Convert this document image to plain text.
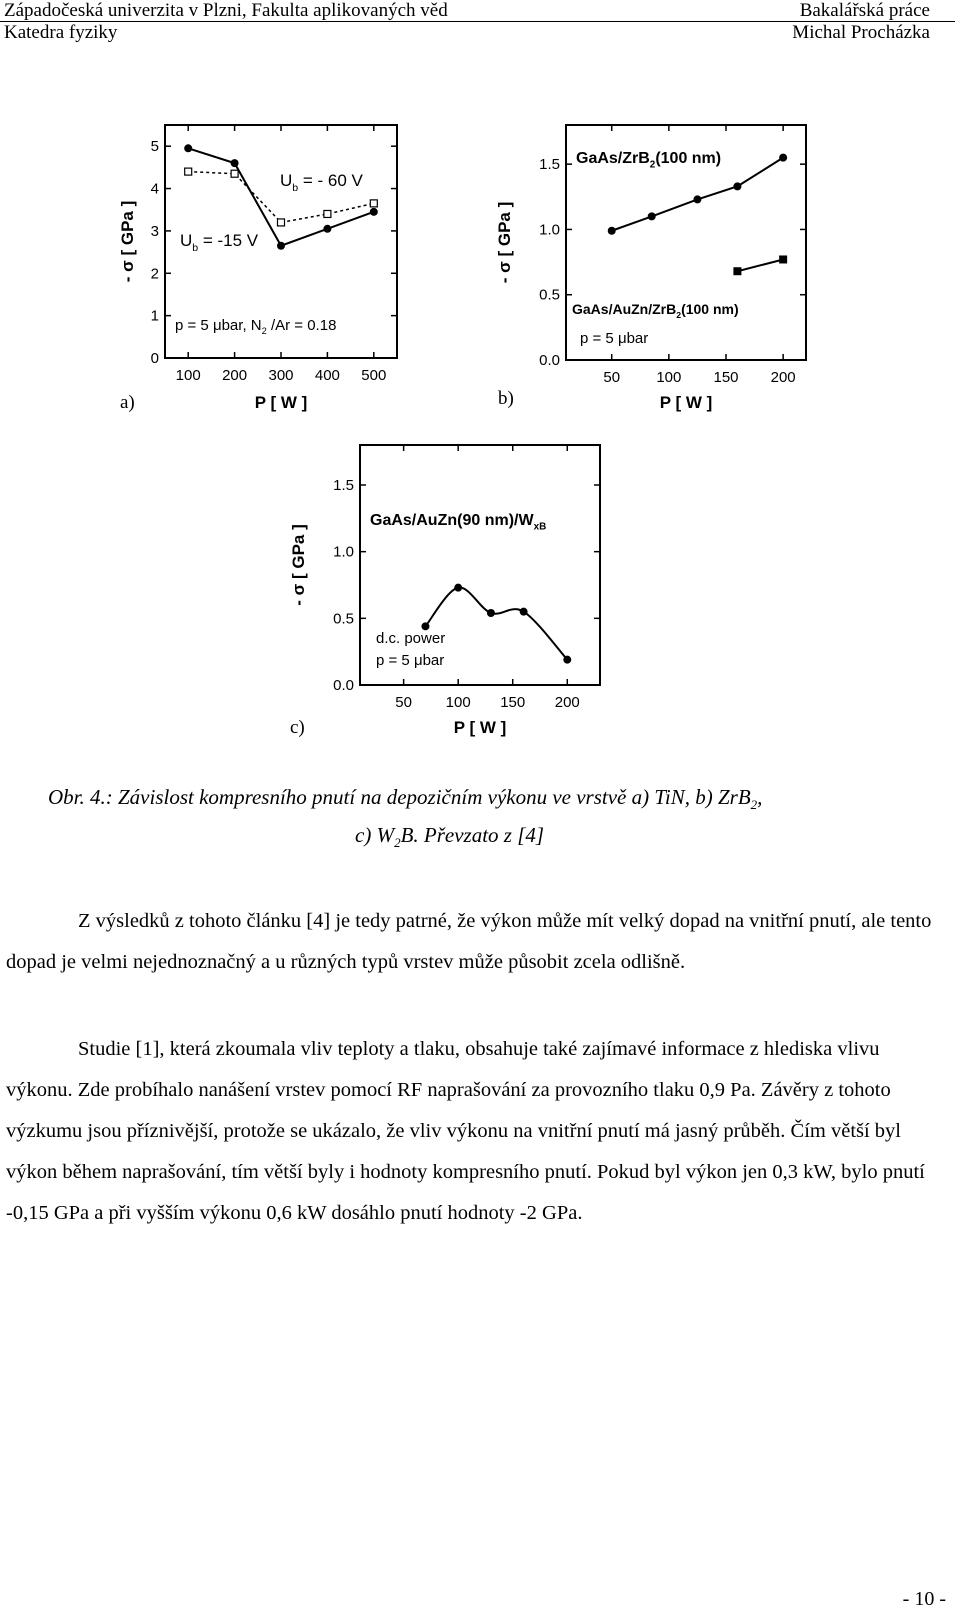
Západočeská univerzita v Plzni, Fakulta aplikovaných věd
Katedra fyziky
Bakalářská práce
Michal Procházka
100 200 300 400 500
0
1
2
3
4
5
P [ W ]
- σ [ GPa ]
$U_b$ = - 60 V
$U_b = -15$ V
p = 5 μbar, $N_2$ /Ar = 0.18
50 100 150 200
0.0
0.5
1.0
1.5
P [ W ]
- σ [ GPa ]
GaAs/ZrB$_2$(100 nm)
GaAs/AuZn/ZrB$_2$(100 nm)
p = 5 μbar
50 100 150 200
0.0
0.5
1.0
1.5
P [ W ]
- σ [ GPa ]
GaAs/AuZn(90 $nm)/W_{xB}$
d.c. power
p = 5 μbar
a)	b)
c)
Obr. 4.: Závislost kompresního pnutí na depozičním výkonu ve vrstvě a) TiN, b) ZrB$_2$,
c) $W_2B$. Převzato z [4]
Z výsledků z tohoto článku [4] je tedy patrné, že výkon může mít velký dopad na vnitřní pnutí, ale tento dopad je velmi nejednoznačný a u různých typů vrstev může působit zcela odlišně.
Studie [1], která zkoumala vliv teploty a tlaku, obsahuje také zajímavé informace z hlediska vlivu výkonu. Zde probíhalo nanášení vrstev pomocí RF naprašování za provozního tlaku 0,9 Pa. Závěry z tohoto výzkumu jsou příznivější, protože se ukázalo, že vliv výkonu na vnitřní pnutí má jasný průběh. Čím větší byl výkon během naprašování, tím větší byly i hodnoty kompresního pnutí. Pokud byl výkon jen 0,3 kW, bylo pnutí -0,15 GPa a při vyšším výkonu 0,6 kW dosáhlo pnutí hodnoty -2 GPa.
- 10 -
